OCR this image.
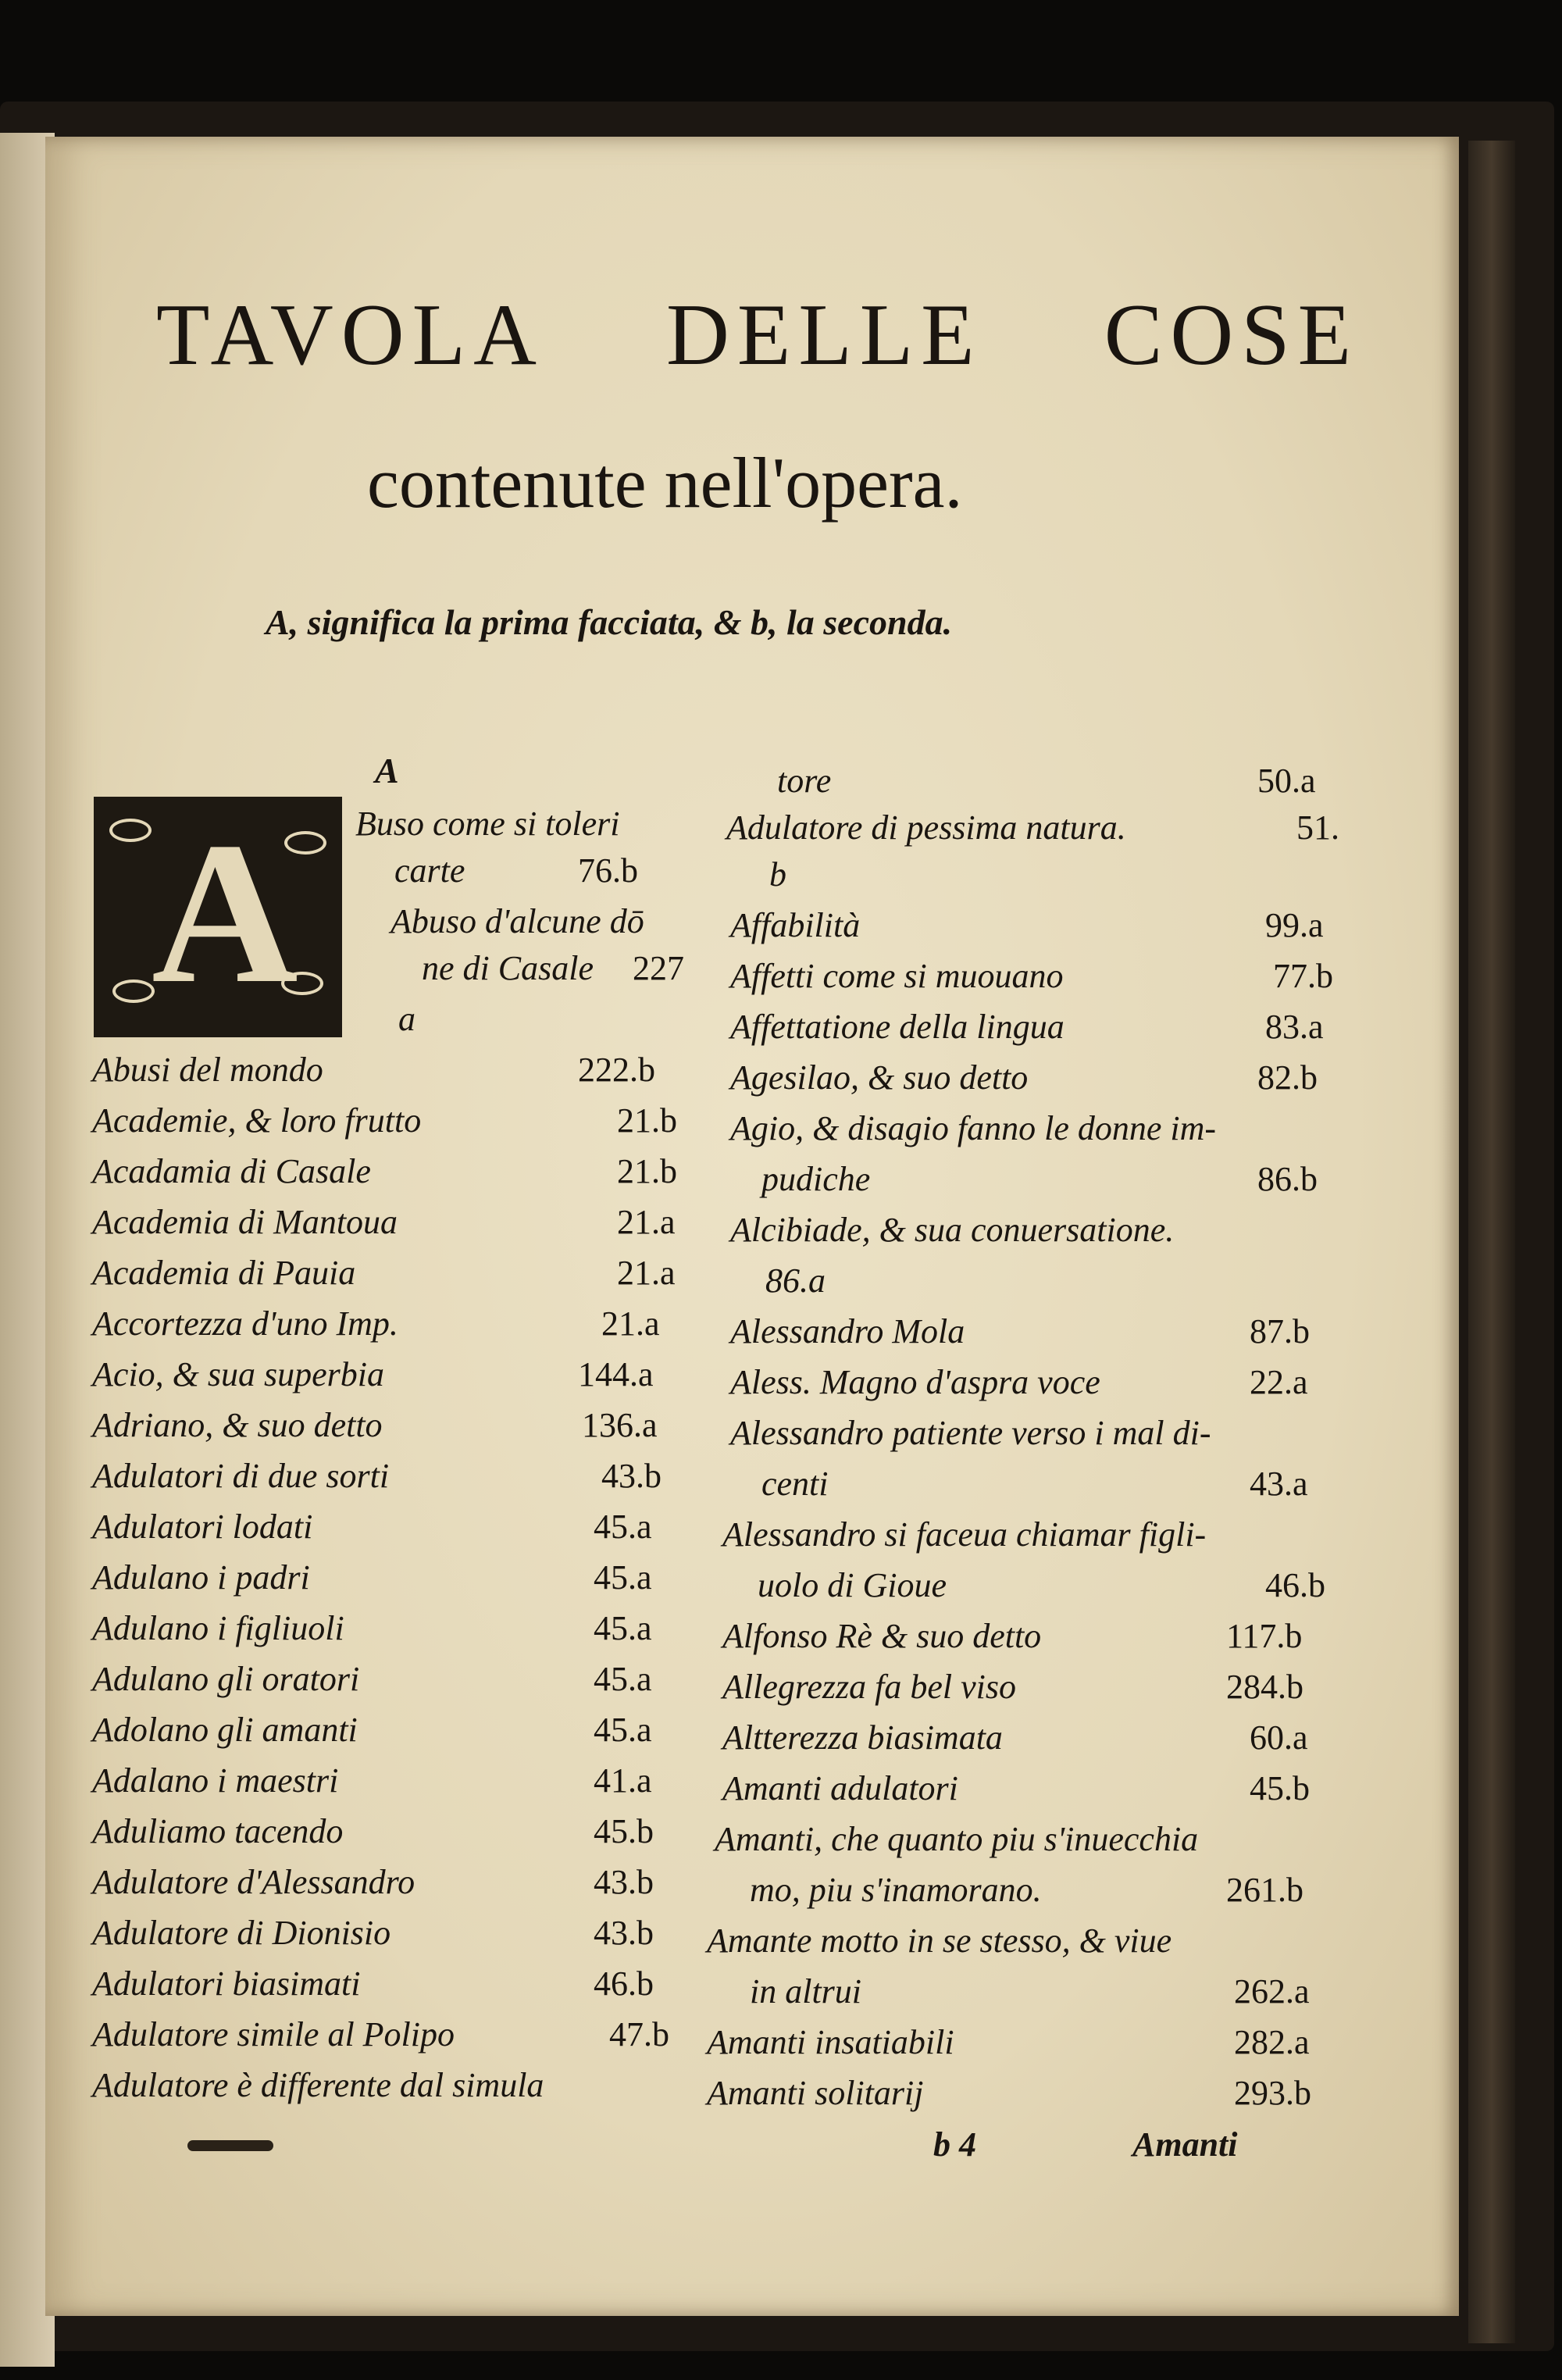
TAVOLA DELLE COSE
contenute nell'opera.
A, significa la prima facciata, & b, la seconda.
A
A Buso come si toleri
carte	76.b
Abuso d'alcune dō
ne di Casale 227
a
Abusi del mondo	222.b
Academie, & loro frutto	21.b
Acadamia di Casale	21.b
Academia di Mantoua	21.a
Academia di Pauia	21.a
Accortezza d'uno Imp.	21.a
Acio, & sua superbia	144.a
Adriano, & suo detto	136.a
Adulatori di due sorti	43.b
Adulatori lodati	45.a
Adulano i padri	45.a
Adulano i figliuoli	45.a
Adulano gli oratori	45.a
Adolano gli amanti	45.a
Adalano i maestri	41.a
Aduliamo tacendo	45.b
Adulatore d'Alessandro	43.b
Adulatore di Dionisio	43.b
Adulatori biasimati	46.b
Adulatore simile al Polipo	47.b
Adulatore è differente dal simula
tore	50.a
Adulatore di pessima natura.	51.
b
Affabilità	99.a
Affetti come si muouano	77.b
Affettatione della lingua	83.a
Agesilao, & suo detto	82.b
Agio, & disagio fanno le donne im-
pudiche	86.b
Alcibiade, & sua conuersatione.
86.a
Alessandro Mola	87.b
Aless. Magno d'aspra voce	22.a
Alessandro patiente verso i mal di-
centi	43.a
Alessandro si faceua chiamar figli-
uolo di Gioue	46.b
Alfonso Rè & suo detto	117.b
Allegrezza fa bel viso	284.b
Altterezza biasimata	60.a
Amanti adulatori	45.b
Amanti, che quanto piu s'inuecchia
mo, piu s'inamorano.	261.b
Amante motto in se stesso, & viue
in altrui	262.a
Amanti insatiabili	282.a
Amanti solitarij	293.b
b 4	Amanti
